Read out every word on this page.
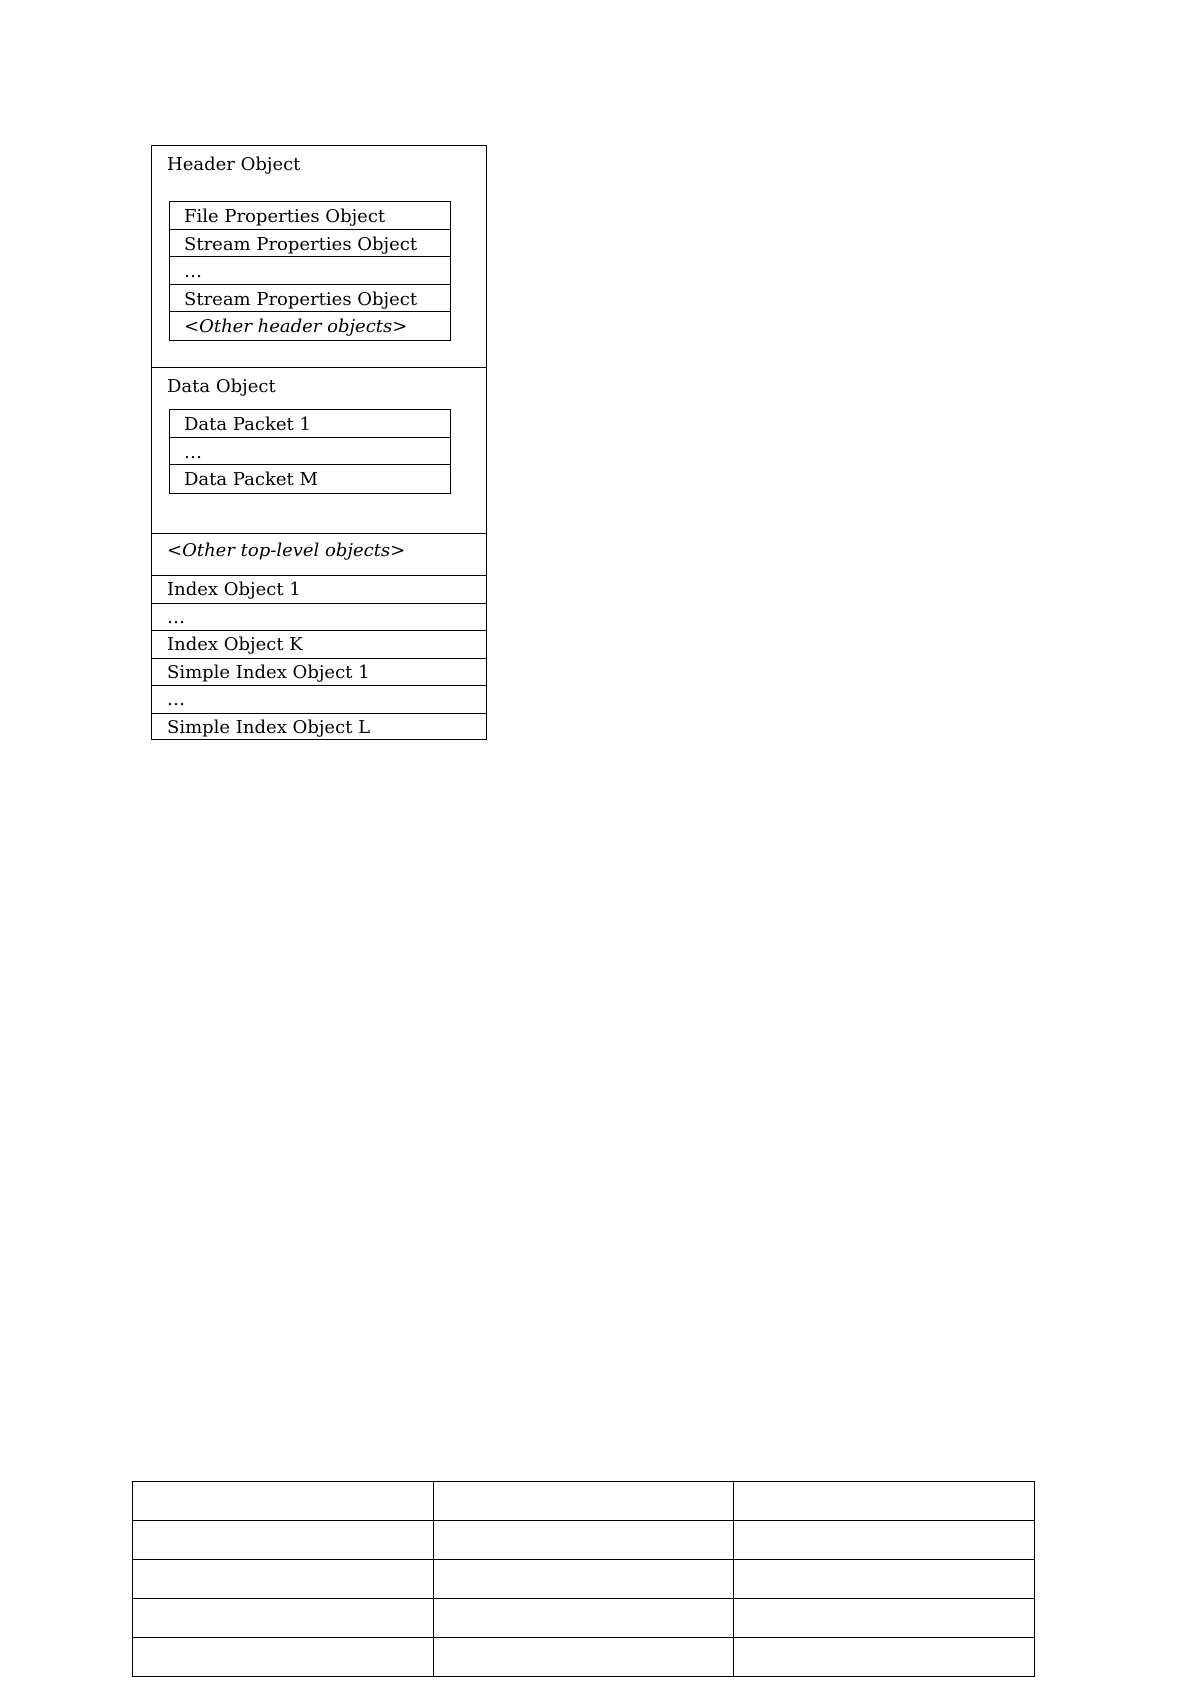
Header Object
File Properties Object
Stream Properties Object
…
Stream Properties Object
<Other header objects>
Data Object
Data Packet 1
…
Data Packet M
<Other top-level objects>
Index Object 1
…
Index Object K
Simple Index Object 1
…
Simple Index Object L
